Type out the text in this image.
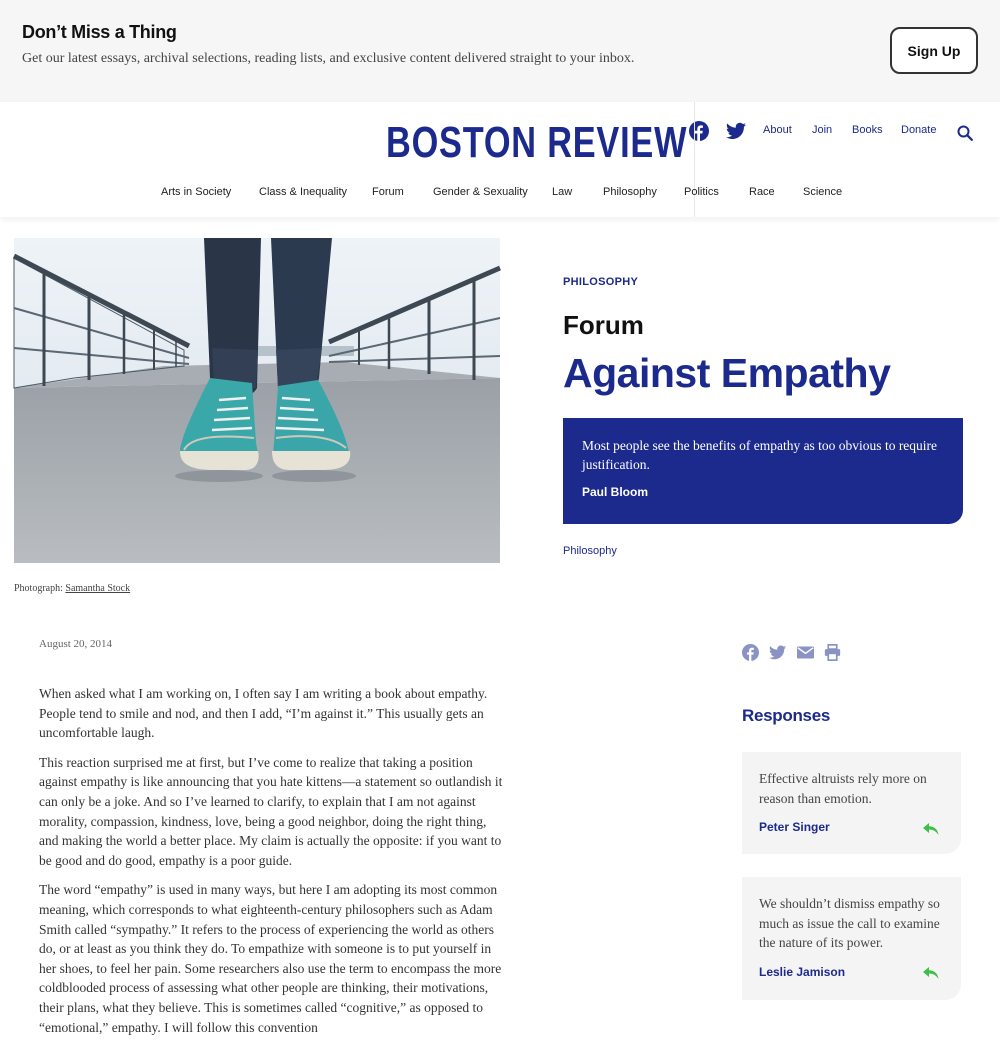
Don’t Miss a Thing
Get our latest essays, archival selections, reading lists, and exclusive content delivered straight to your inbox.	Sign Up
BOSTON REVIEW	About Join Books Donate
Arts in Society	Class & Inequality Forum	Gender & Sexuality Law	Philosophy Politics	Race	Science
Photograph: Samantha Stock
PHILOSOPHY
Forum
Against Empathy
Most people see the benefits of empathy as too obvious to require justification.
Paul Bloom
Philosophy
August 20, 2014

When asked what I am working on, I often say I am writing a book about empathy. People tend to smile and nod, and then I add, “I’m against it.” This usually gets an uncomfortable laugh.

This reaction surprised me at first, but I’ve come to realize that taking a position against empathy is like announcing that you hate kittens—a statement so outlandish it can only be a joke. And so I’ve learned to clarify, to explain that I am not against morality, compassion, kindness, love, being a good neighbor, doing the right thing, and making the world a better place. My claim is actually the opposite: if you want to be good and do good, empathy is a poor guide.

The word “empathy” is used in many ways, but here I am adopting its most common meaning, which corresponds to what eighteenth-century philosophers such as Adam Smith called “sympathy.” It refers to the process of experiencing the world as others do, or at least as you think they do. To empathize with someone is to put yourself in her shoes, to feel her pain. Some researchers also use the term to encompass the more coldblooded process of assessing what other people are thinking, their motivations, their plans, what they believe. This is sometimes called “cognitive,” as opposed to “emotional,” empathy. I will follow this convention

Responses
Effective altruists rely more on reason than emotion.
Peter Singer
We shouldn’t dismiss empathy so much as issue the call to examine the nature of its power.
Leslie Jamison
